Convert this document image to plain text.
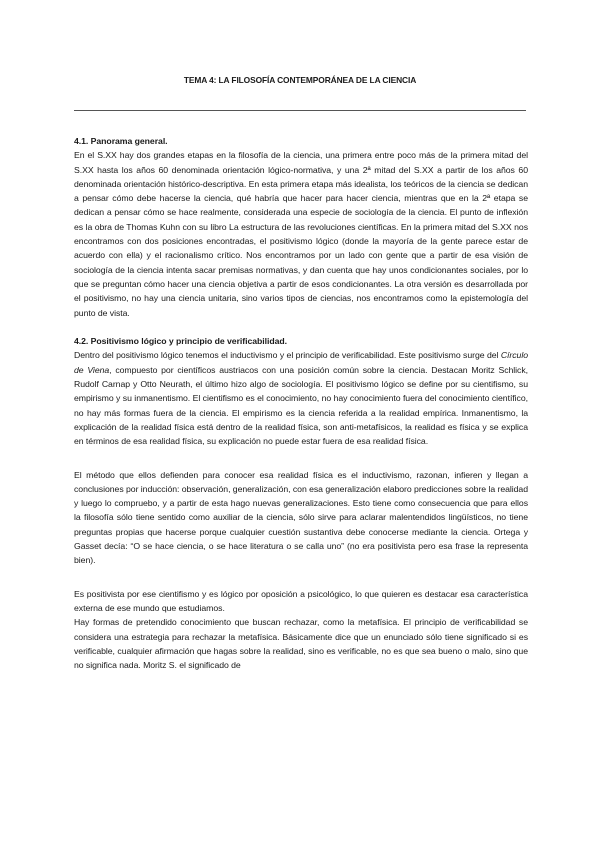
TEMA 4: LA FILOSOFÍA CONTEMPORÁNEA DE LA CIENCIA

4.1. Panorama general.

En el S.XX hay dos grandes etapas en la filosofía de la ciencia, una primera entre poco más de la primera mitad del S.XX hasta los años 60 denominada orientación lógico-normativa, y una 2ª mitad del S.XX a partir de los años 60 denominada orientación histórico-descriptiva. En esta primera etapa más idealista, los teóricos de la ciencia se dedican a pensar cómo debe hacerse la ciencia, qué habría que hacer para hacer ciencia, mientras que en la 2ª etapa se dedican a pensar cómo se hace realmente, considerada una especie de sociología de la ciencia. El punto de inflexión es la obra de Thomas Kuhn con su libro La estructura de las revoluciones científicas. En la primera mitad del S.XX nos encontramos con dos posiciones encontradas, el positivismo lógico (donde la mayoría de la gente parece estar de acuerdo con ella) y el racionalismo crítico. Nos encontramos por un lado con gente que a partir de esa visión de sociología de la ciencia intenta sacar premisas normativas, y dan cuenta que hay unos condicionantes sociales, por lo que se preguntan cómo hacer una ciencia objetiva a partir de esos condicionantes. La otra versión es desarrollada por el positivismo, no hay una ciencia unitaria, sino varios tipos de ciencias, nos encontramos como la epistemología del punto de vista.

4.2. Positivismo lógico y principio de verificabilidad.

Dentro del positivismo lógico tenemos el inductivismo y el principio de verificabilidad. Este positivismo surge del Círculo de Viena, compuesto por científicos austriacos con una posición común sobre la ciencia. Destacan Moritz Schlick, Rudolf Carnap y Otto Neurath, el último hizo algo de sociología. El positivismo lógico se define por su cientifismo, su empirismo y su inmanentismo. El cientifismo es el conocimiento, no hay conocimiento fuera del conocimiento científico, no hay más formas fuera de la ciencia. El empirismo es la ciencia referida a la realidad empírica. Inmanentismo, la explicación de la realidad física está dentro de la realidad física, son anti-metafísicos, la realidad es física y se explica en términos de esa realidad física, su explicación no puede estar fuera de esa realidad física.

El método que ellos defienden para conocer esa realidad física es el inductivismo, razonan, infieren y llegan a conclusiones por inducción: observación, generalización, con esa generalización elaboro predicciones sobre la realidad y luego lo compruebo, y a partir de esta hago nuevas generalizaciones. Esto tiene como consecuencia que para ellos la filosofía sólo tiene sentido como auxiliar de la ciencia, sólo sirve para aclarar malentendidos lingüísticos, no tiene preguntas propias que hacerse porque cualquier cuestión sustantiva debe conocerse mediante la ciencia. Ortega y Gasset decía: “O se hace ciencia, o se hace literatura o se calla uno” (no era positivista pero esa frase la representa bien).

Es positivista por ese cientifismo y es lógico por oposición a psicológico, lo que quieren es destacar esa característica externa de ese mundo que estudiamos.

Hay formas de pretendido conocimiento que buscan rechazar, como la metafísica. El principio de verificabilidad se considera una estrategia para rechazar la metafísica. Básicamente dice que un enunciado sólo tiene significado si es verificable, cualquier afirmación que hagas sobre la realidad, sino es verificable, no es que sea bueno o malo, sino que no significa nada. Moritz S. el significado de
